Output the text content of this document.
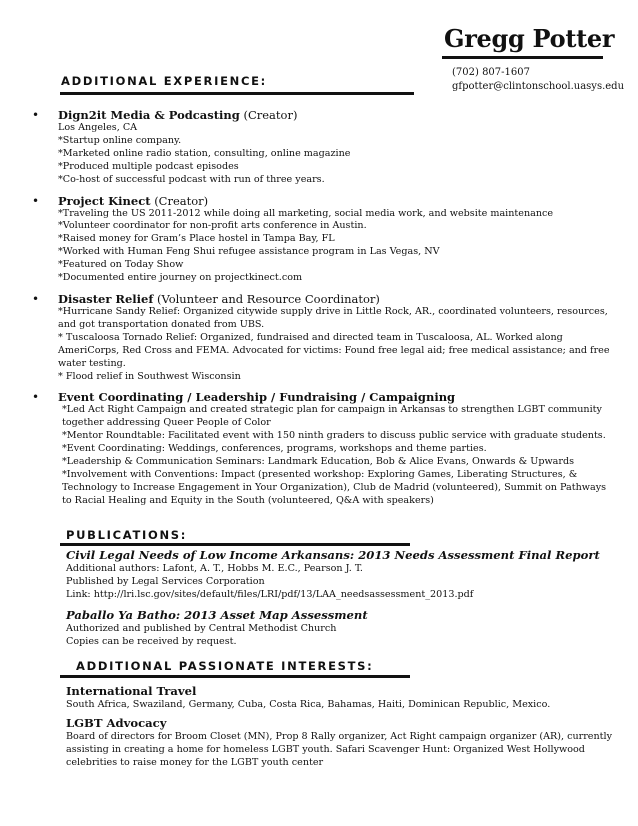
Gregg Potter
(702) 807-1607
gfpotter@clintonschool.uasys.edu
ADDITIONAL EXPERIENCE:
• Dign2it Media & Podcasting (Creator)
Los Angeles, CA
*Startup online company.
*Marketed online radio station, consulting, online magazine
*Produced multiple podcast episodes
*Co-host of successful podcast with run of three years.
• Project Kinect (Creator)
*Traveling the US 2011-2012 while doing all marketing, social media work, and website maintenance
*Volunteer coordinator for non-profit arts conference in Austin.
*Raised money for Gram’s Place hostel in Tampa Bay, FL
*Worked with Human Feng Shui refugee assistance program in Las Vegas, NV
*Featured on Today Show
*Documented entire journey on projectkinect.com
• Disaster Relief (Volunteer and Resource Coordinator)
*Hurricane Sandy Relief: Organized citywide supply drive in Little Rock, AR., coordinated volunteers, resources, and got transportation donated from UBS.
* Tuscaloosa Tornado Relief: Organized, fundraised and directed team in Tuscaloosa, AL. Worked along AmeriCorps, Red Cross and FEMA. Advocated for victims: Found free legal aid; free medical assistance; and free water testing.
* Flood relief in Southwest Wisconsin
• Event Coordinating / Leadership / Fundraising / Campaigning
*Led Act Right Campaign and created strategic plan for campaign in Arkansas to strengthen LGBT community together addressing Queer People of Color
*Mentor Roundtable: Facilitated event with 150 ninth graders to discuss public service with graduate students.
*Event Coordinating: Weddings, conferences, programs, workshops and theme parties.
*Leadership & Communication Seminars: Landmark Education, Bob & Alice Evans, Onwards & Upwards
*Involvement with Conventions: Impact (presented workshop: Exploring Games, Liberating Structures, & Technology to Increase Engagement in Your Organization), Club de Madrid (volunteered), Summit on Pathways to Racial Healing and Equity in the South (volunteered, Q&A with speakers)
PUBLICATIONS:
Civil Legal Needs of Low Income Arkansans: 2013 Needs Assessment Final Report
Additional authors: Lafont, A. T., Hobbs M. E.C., Pearson J. T.
Published by Legal Services Corporation
Link: http://lri.lsc.gov/sites/default/files/LRI/pdf/13/LAA_needsassessment_2013.pdf
Paballo Ya Batho: 2013 Asset Map Assessment
Authorized and published by Central Methodist Church
Copies can be received by request.
ADDITIONAL PASSIONATE INTERESTS:
International Travel
South Africa, Swaziland, Germany, Cuba, Costa Rica, Bahamas, Haiti, Dominican Republic, Mexico.
LGBT Advocacy
Board of directors for Broom Closet (MN), Prop 8 Rally organizer, Act Right campaign organizer (AR), currently assisting in creating a home for homeless LGBT youth. Safari Scavenger Hunt: Organized West Hollywood celebrities to raise money for the LGBT youth center
